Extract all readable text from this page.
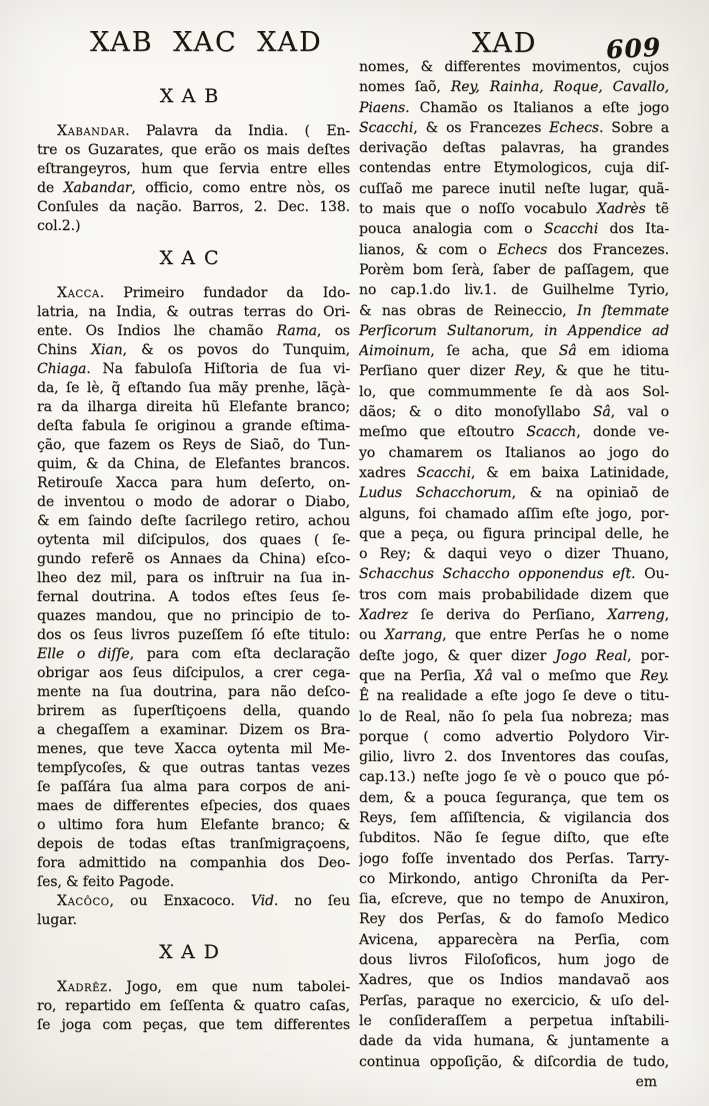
XAB XAC XAD	XAD	609
XAB
Xabandar. Palavra da India. ( En-
tre os Guzarates, que erão os mais deſtes
eſtrangeyros, hum que ſervia entre elles
de Xabandar, officio, como entre nòs, os
Conſules da nação. Barros, 2. Dec. 138.
col.2.)
XAC
Xacca. Primeiro fundador da Ido-
latria, na India, & outras terras do Ori-
ente. Os Indios lhe chamão Rama, os
Chins Xian, & os povos do Tunquim,
Chiaga. Na fabuloſa Hiſtoria de ſua vi-
da, ſe lè, q̃ eſtando ſua mãy prenhe, lãçà-
ra da ilharga direita hũ Elefante branco;
deſta fabula ſe originou a grande eſtima-
ção, que fazem os Reys de Siaõ, do Tun-
quim, & da China, de Elefantes brancos.
Retirouſe Xacca para hum deſerto, on-
de inventou o modo de adorar o Diabo,
& em ſaindo deſte ſacrilego retiro, achou
oytenta mil diſcipulos, dos quaes ( ſe-
gundo referẽ os Annaes da China) eſco-
lheo dez mil, para os inſtruir na ſua in-
fernal doutrina. A todos eſtes ſeus ſe-
quazes mandou, que no principio de to-
dos os ſeus livros puzeſſem ſó eſte titulo:
Elle o diſſe, para com eſta declaração
obrigar aos ſeus diſcipulos, a crer cega-
mente na ſua doutrina, para não deſco-
brirem as ſuperſtiçoens della, quando
a chegaſſem a examinar. Dizem os Bra-
menes, que teve Xacca oytenta mil Me-
tempſycoſes, & que outras tantas vezes
ſe paſſára ſua alma para corpos de ani-
maes de differentes eſpecies, dos quaes
o ultimo fora hum Elefante branco; &
depois de todas eſtas tranſmigraçoens,
fora admittido na companhia dos Deo-
ſes, & feito Pagode.
Xacôco, ou Enxacoco. Vid. no ſeu
lugar.
XAD
Xadrêz. Jogo, em que num tabolei-
ro, repartido em ſeſſenta & quatro caſas,
ſe joga com peças, que tem differentes
nomes, & differentes movimentos, cujos
nomes ſaõ, Rey, Rainha, Roque, Cavallo,
Piaens. Chamão os Italianos a eſte jogo
Scacchi, & os Francezes Echecs. Sobre a
derivação deſtas palavras, ha grandes
contendas entre Etymologicos, cuja diſ-
cuſſaõ me parece inutil neſte lugar, quã-
to mais que o noſſo vocabulo Xadrès tẽ
pouca analogia com o Scacchi dos Ita-
lianos, & com o Echecs dos Francezes.
Porèm bom ſerà, ſaber de paſſagem, que
no cap.1.do liv.1. de Guilhelme Tyrio,
& nas obras de Reineccio, In ſtemmate
Perſicorum Sultanorum, in Appendice ad
Aimoinum, ſe acha, que Sâ em idioma
Perſiano quer dizer Rey, & que he titu-
lo, que commummente ſe dà aos Sol-
dãos; & o dito monoſyllabo Sâ, val o
meſmo que eſtoutro Scacch, donde ve-
yo chamarem os Italianos ao jogo do
xadres Scacchi, & em baixa Latinidade,
Ludus Schacchorum, & na opiniaõ de
alguns, foi chamado aſſim eſte jogo, por-
que a peça, ou figura principal delle, he
o Rey; & daqui veyo o dizer Thuano,
Schacchus Schaccho opponendus eſt. Ou-
tros com mais probabilidade dizem que
Xadrez ſe deriva do Perſiano, Xarreng,
ou Xarrang, que entre Perſas he o nome
deſte jogo, & quer dizer Jogo Real, por-
que na Perſia, Xâ val o meſmo que Rey.
Ê na realidade a eſte jogo ſe deve o titu-
lo de Real, não ſo pela ſua nobreza; mas
porque ( como advertio Polydoro Vir-
gilio, livro 2. dos Inventores das couſas,
cap.13.) neſte jogo ſe vè o pouco que pó-
dem, & a pouca ſegurança, que tem os
Reys, ſem aſſiſtencia, & vigilancia dos
ſubditos. Não ſe ſegue diſto, que eſte
jogo foſſe inventado dos Perſas. Tarry-
co Mirkondo, antigo Chroniſta da Per-
ſia, eſcreve, que no tempo de Anuxiron,
Rey dos Perſas, & do famoſo Medico
Avicena, apparecèra na Perſia, com
dous livros Filoſoficos, hum jogo de
Xadres, que os Indios mandavaõ aos
Perſas, paraque no exercicio, & uſo del-
le conſideraſſem a perpetua inſtabili-
dade da vida humana, & juntamente a
continua oppoſição, & diſcordia de tudo,
em
